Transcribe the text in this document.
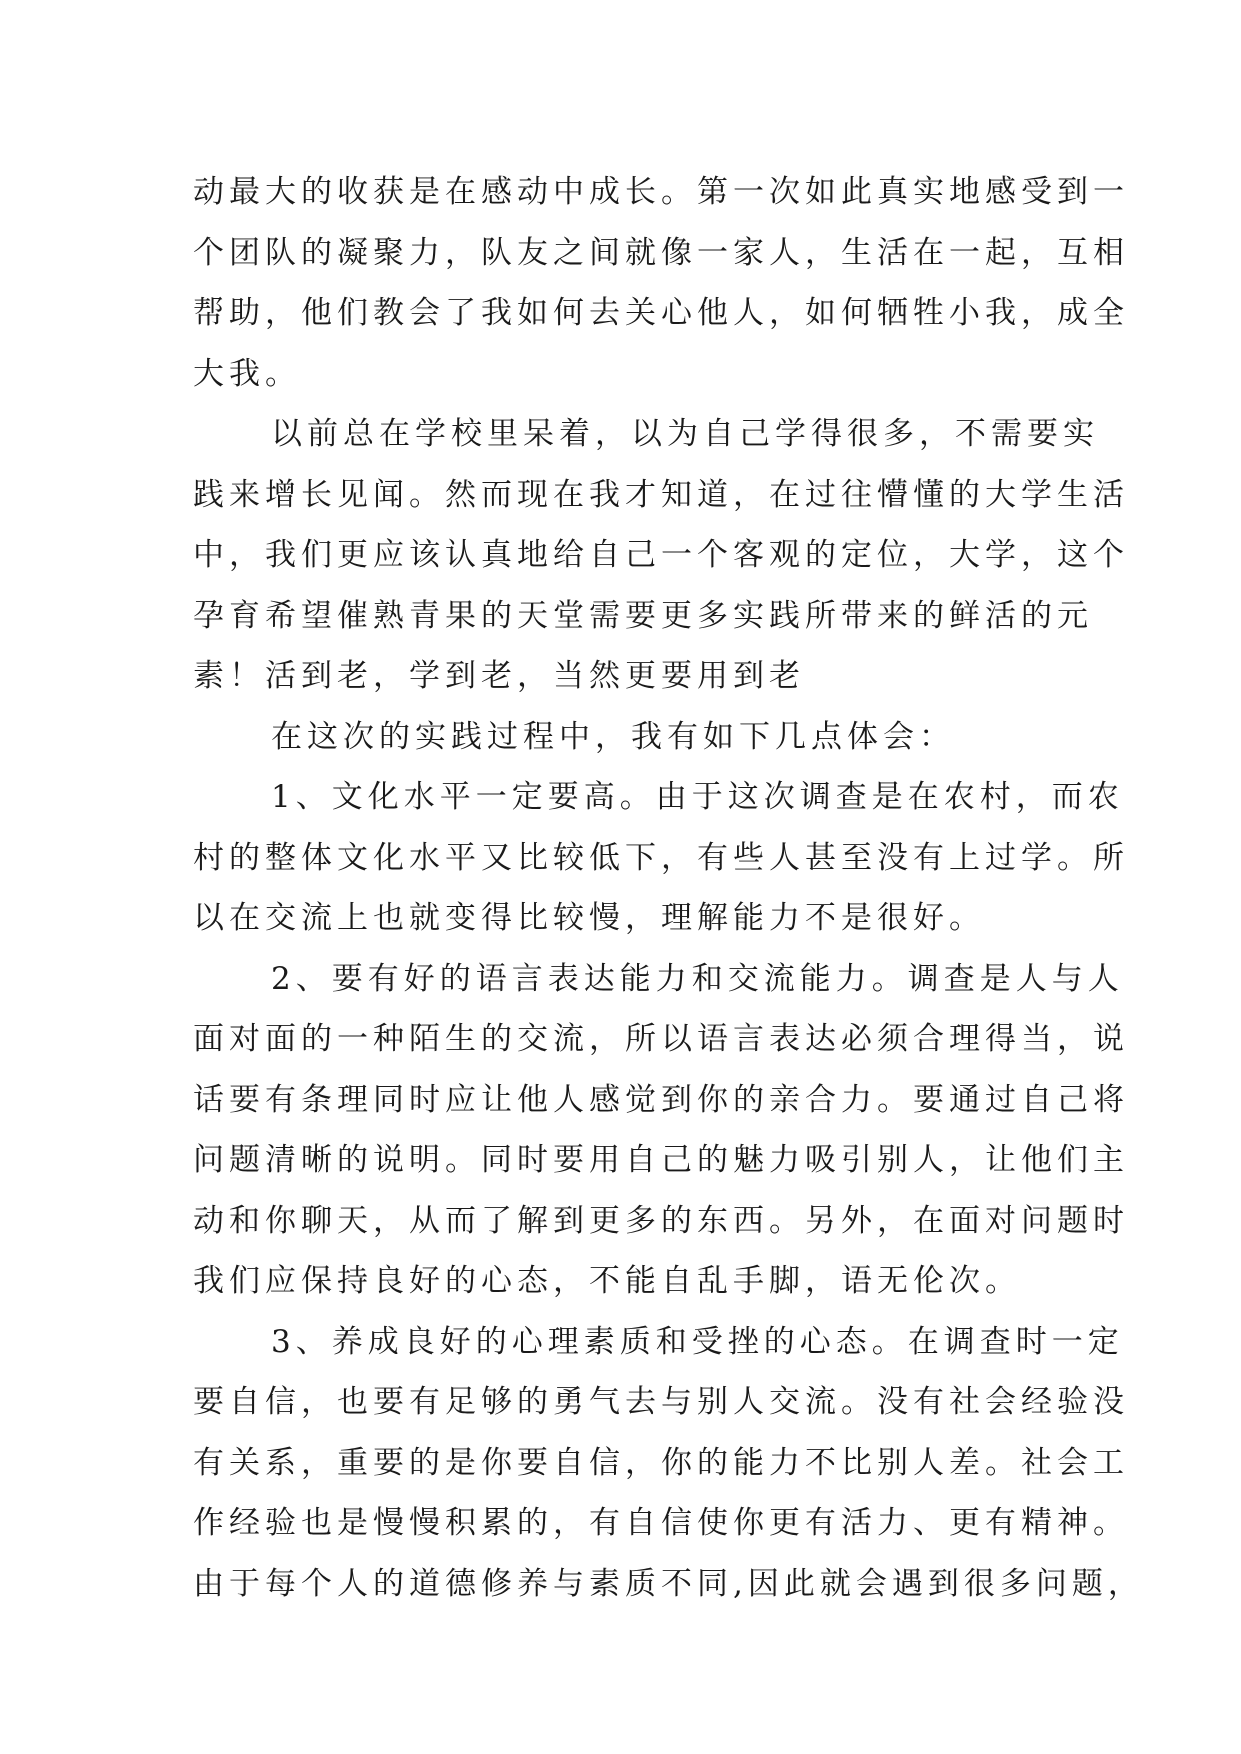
动最大的收获是在感动中成长。第一次如此真实地感受到一
个团队的凝聚力，队友之间就像一家人，生活在一起，互相
帮助，他们教会了我如何去关心他人，如何牺牲小我，成全
大我。
以前总在学校里呆着，以为自己学得很多，不需要实
践来增长见闻。然而现在我才知道，在过往懵懂的大学生活
中，我们更应该认真地给自己一个客观的定位，大学，这个
孕育希望催熟青果的天堂需要更多实践所带来的鲜活的元
素！活到老，学到老，当然更要用到老
在这次的实践过程中，我有如下几点体会：
1、文化水平一定要高。由于这次调查是在农村，而农
村的整体文化水平又比较低下，有些人甚至没有上过学。所
以在交流上也就变得比较慢，理解能力不是很好。
2、要有好的语言表达能力和交流能力。调查是人与人
面对面的一种陌生的交流，所以语言表达必须合理得当，说
话要有条理同时应让他人感觉到你的亲合力。要通过自己将
问题清晰的说明。同时要用自己的魅力吸引别人，让他们主
动和你聊天，从而了解到更多的东西。另外，在面对问题时
我们应保持良好的心态，不能自乱手脚，语无伦次。
3、养成良好的心理素质和受挫的心态。在调查时一定
要自信，也要有足够的勇气去与别人交流。没有社会经验没
有关系，重要的是你要自信，你的能力不比别人差。社会工
作经验也是慢慢积累的，有自信使你更有活力、更有精神。
由于每个人的道德修养与素质不同,因此就会遇到很多问题，
